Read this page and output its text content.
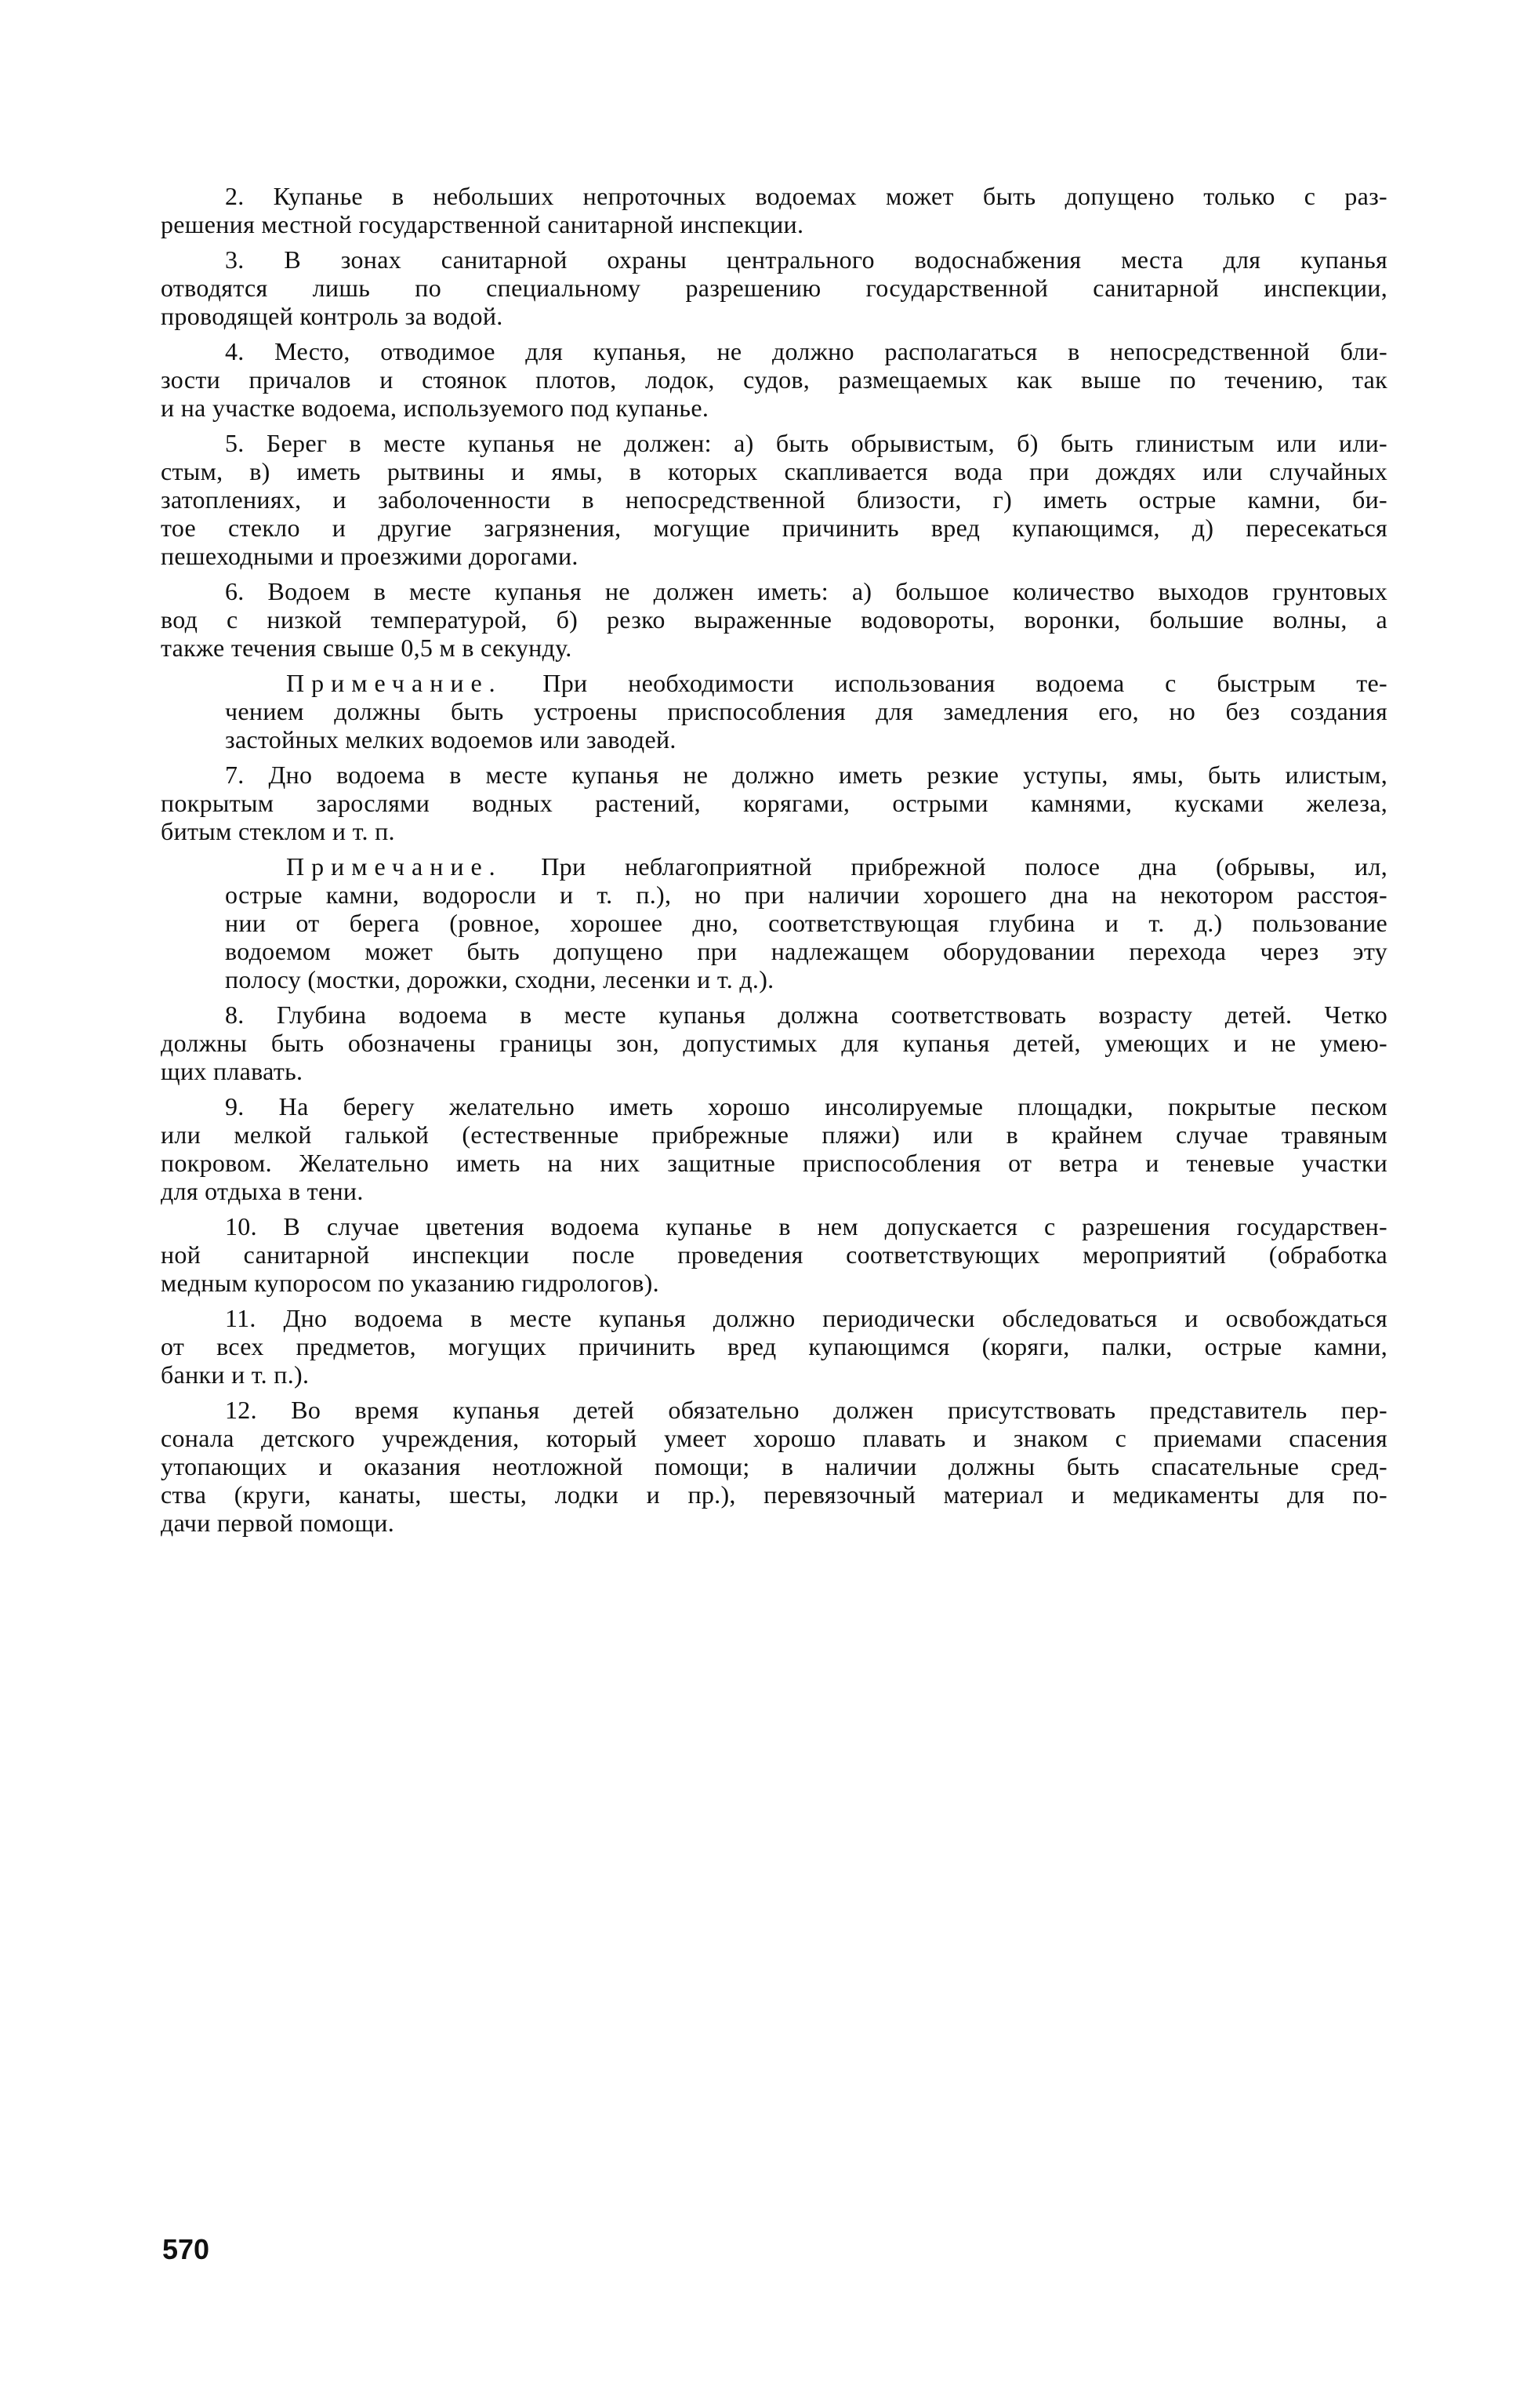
2. Купанье в небольших непроточных водоемах может быть допущено только с раз-
решения местной государственной санитарной инспекции.
3. В зонах санитарной охраны центрального водоснабжения места для купанья
отводятся лишь по специальному разрешению государственной санитарной инспекции,
проводящей контроль за водой.
4. Место, отводимое для купанья, не должно располагаться в непосредственной бли-
зости причалов и стоянок плотов, лодок, судов, размещаемых как выше по течению, так
и на участке водоема, используемого под купанье.
5. Берег в месте купанья не должен: а) быть обрывистым, б) быть глинистым или или-
стым, в) иметь рытвины и ямы, в которых скапливается вода при дождях или случайных
затоплениях, и заболоченности в непосредственной близости, г) иметь острые камни, би-
тое стекло и другие загрязнения, могущие причинить вред купающимся, д) пересекаться
пешеходными и проезжими дорогами.
6. Водоем в месте купанья не должен иметь: а) большое количество выходов грунтовых
вод с низкой температурой, б) резко выраженные водовороты, воронки, большие волны, а
также течения свыше 0,5 м в секунду.
Примечание. При необходимости использования водоема с быстрым те-
чением должны быть устроены приспособления для замедления его, но без создания
застойных мелких водоемов или заводей.
7. Дно водоема в месте купанья не должно иметь резкие уступы, ямы, быть илистым,
покрытым зарослями водных растений, корягами, острыми камнями, кусками железа,
битым стеклом и т. п.
Примечание. При неблагоприятной прибрежной полосе дна (обрывы, ил,
острые камни, водоросли и т. п.), но при наличии хорошего дна на некотором расстоя-
нии от берега (ровное, хорошее дно, соответствующая глубина и т. д.) пользование
водоемом может быть допущено при надлежащем оборудовании перехода через эту
полосу (мостки, дорожки, сходни, лесенки и т. д.).
8. Глубина водоема в месте купанья должна соответствовать возрасту детей. Четко
должны быть обозначены границы зон, допустимых для купанья детей, умеющих и не умею-
щих плавать.
9. На берегу желательно иметь хорошо инсолируемые площадки, покрытые песком
или мелкой галькой (естественные прибрежные пляжи) или в крайнем случае травяным
покровом. Желательно иметь на них защитные приспособления от ветра и теневые участки
для отдыха в тени.
10. В случае цветения водоема купанье в нем допускается с разрешения государствен-
ной санитарной инспекции после проведения соответствующих мероприятий (обработка
медным купоросом по указанию гидрологов).
11. Дно водоема в месте купанья должно периодически обследоваться и освобождаться
от всех предметов, могущих причинить вред купающимся (коряги, палки, острые камни,
банки и т. п.).
12. Во время купанья детей обязательно должен присутствовать представитель пер-
сонала детского учреждения, который умеет хорошо плавать и знаком с приемами спасения
утопающих и оказания неотложной помощи; в наличии должны быть спасательные сред-
ства (круги, канаты, шесты, лодки и пр.), перевязочный материал и медикаменты для по-
дачи первой помощи.
570
